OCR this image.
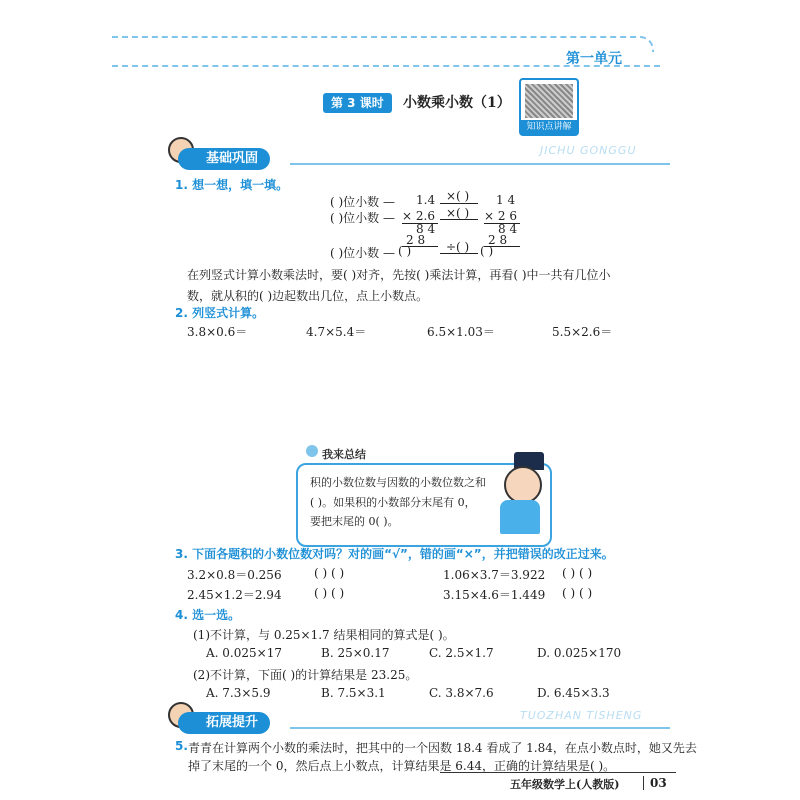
第一单元
第 3 课时	小数乘小数（1）
知识点讲解
基础巩固
JICHU GONGGU
1. 想一想，填一填。
( )位小数 —
( )位小数 —
( )位小数 —
1.4
× 2.6
8 4
2 8
( )
×( )
×( )
÷( )
1 4
× 2 6
8 4
2 8
( )
在列竖式计算小数乘法时，要( )对齐，先按( )乘法计算，再看( )中一共有几位小
数，就从积的( )边起数出几位，点上小数点。
2. 列竖式计算。
3.8×0.6＝	4.7×5.4＝	6.5×1.03＝	5.5×2.6＝
我来总结
积的小数位数与因数的小数位数之和
( )。如果积的小数部分末尾有 0，
要把末尾的 0( )。
3. 下面各题积的小数位数对吗？对的画“√”，错的画“×”，并把错误的改正过来。
3.2×0.8＝0.256	( ) ( )	1.06×3.7＝3.922 ( ) ( )
2.45×1.2＝2.94	( ) ( )	3.15×4.6＝1.449 ( ) ( )
4. 选一选。
(1)不计算，与 0.25×1.7 结果相同的算式是( )。
A. 0.025×17	B. 25×0.17	C. 2.5×1.7	D. 0.025×170
(2)不计算，下面( )的计算结果是 23.25。
A. 7.3×5.9	B. 7.5×3.1	C. 3.8×7.6	D. 6.45×3.3
拓展提升	TUOZHAN TISHENG
5. 青青在计算两个小数的乘法时，把其中的一个因数 18.4 看成了 1.84，在点小数点时，她又先去
掉了末尾的一个 0，然后点上小数点，计算结果是 6.44，正确的计算结果是( )。
五年级数学上(人教版)	03
